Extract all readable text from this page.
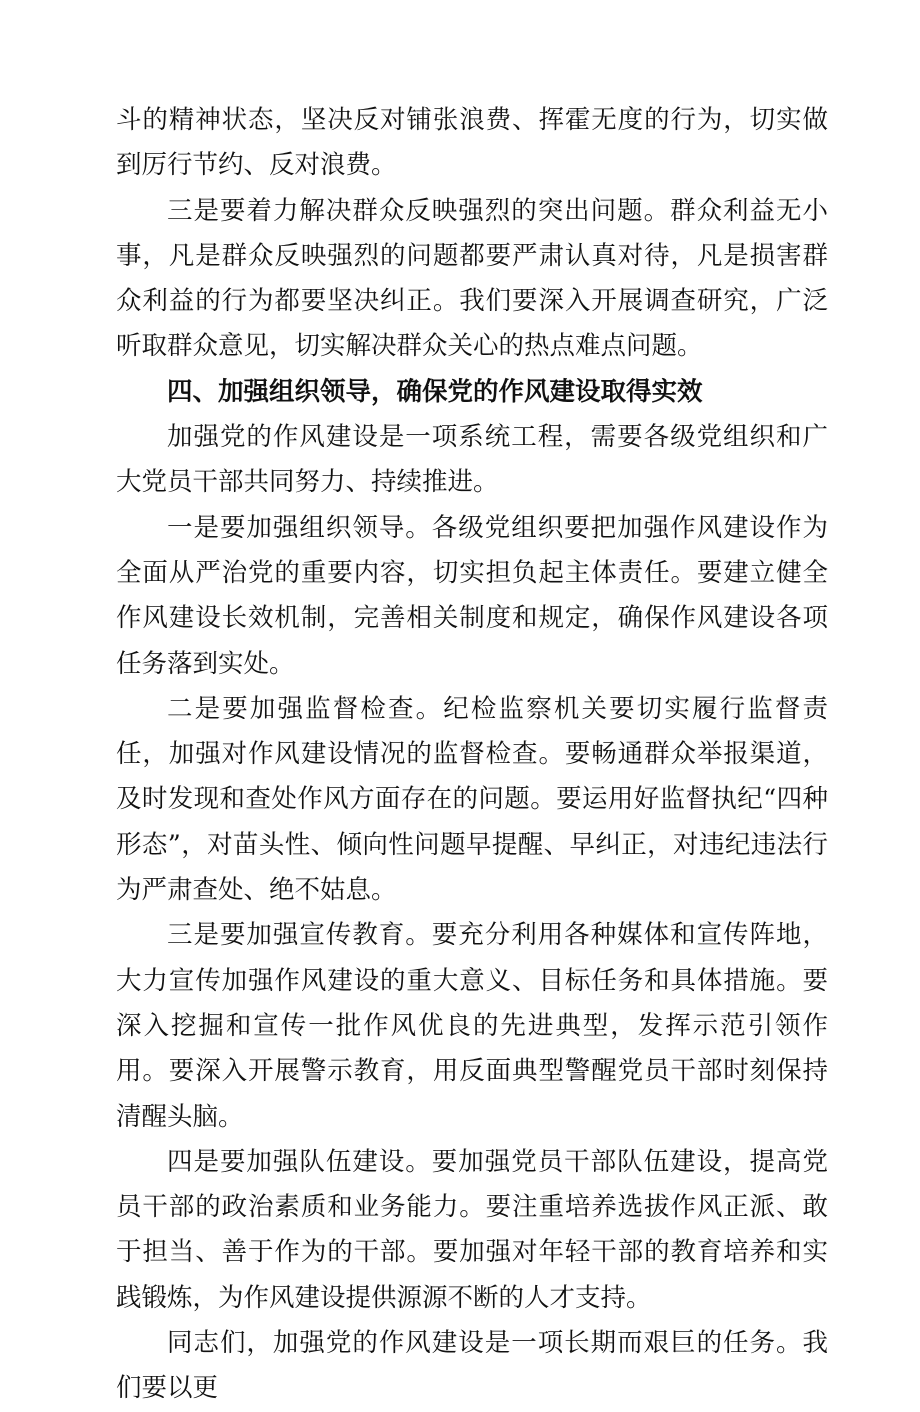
斗的精神状态，坚决反对铺张浪费、挥霍无度的行为，切实做到厉行节约、反对浪费。

三是要着力解决群众反映强烈的突出问题。群众利益无小事，凡是群众反映强烈的问题都要严肃认真对待，凡是损害群众利益的行为都要坚决纠正。我们要深入开展调查研究，广泛听取群众意见，切实解决群众关心的热点难点问题。

四、加强组织领导，确保党的作风建设取得实效

加强党的作风建设是一项系统工程，需要各级党组织和广大党员干部共同努力、持续推进。

一是要加强组织领导。各级党组织要把加强作风建设作为全面从严治党的重要内容，切实担负起主体责任。要建立健全作风建设长效机制，完善相关制度和规定，确保作风建设各项任务落到实处。

二是要加强监督检查。纪检监察机关要切实履行监督责任，加强对作风建设情况的监督检查。要畅通群众举报渠道，及时发现和查处作风方面存在的问题。要运用好监督执纪“四种形态”，对苗头性、倾向性问题早提醒、早纠正，对违纪违法行为严肃查处、绝不姑息。

三是要加强宣传教育。要充分利用各种媒体和宣传阵地，大力宣传加强作风建设的重大意义、目标任务和具体措施。要深入挖掘和宣传一批作风优良的先进典型，发挥示范引领作用。要深入开展警示教育，用反面典型警醒党员干部时刻保持清醒头脑。

四是要加强队伍建设。要加强党员干部队伍建设，提高党员干部的政治素质和业务能力。要注重培养选拔作风正派、敢于担当、善于作为的干部。要加强对年轻干部的教育培养和实践锻炼，为作风建设提供源源不断的人才支持。

同志们，加强党的作风建设是一项长期而艰巨的任务。我们要以更
